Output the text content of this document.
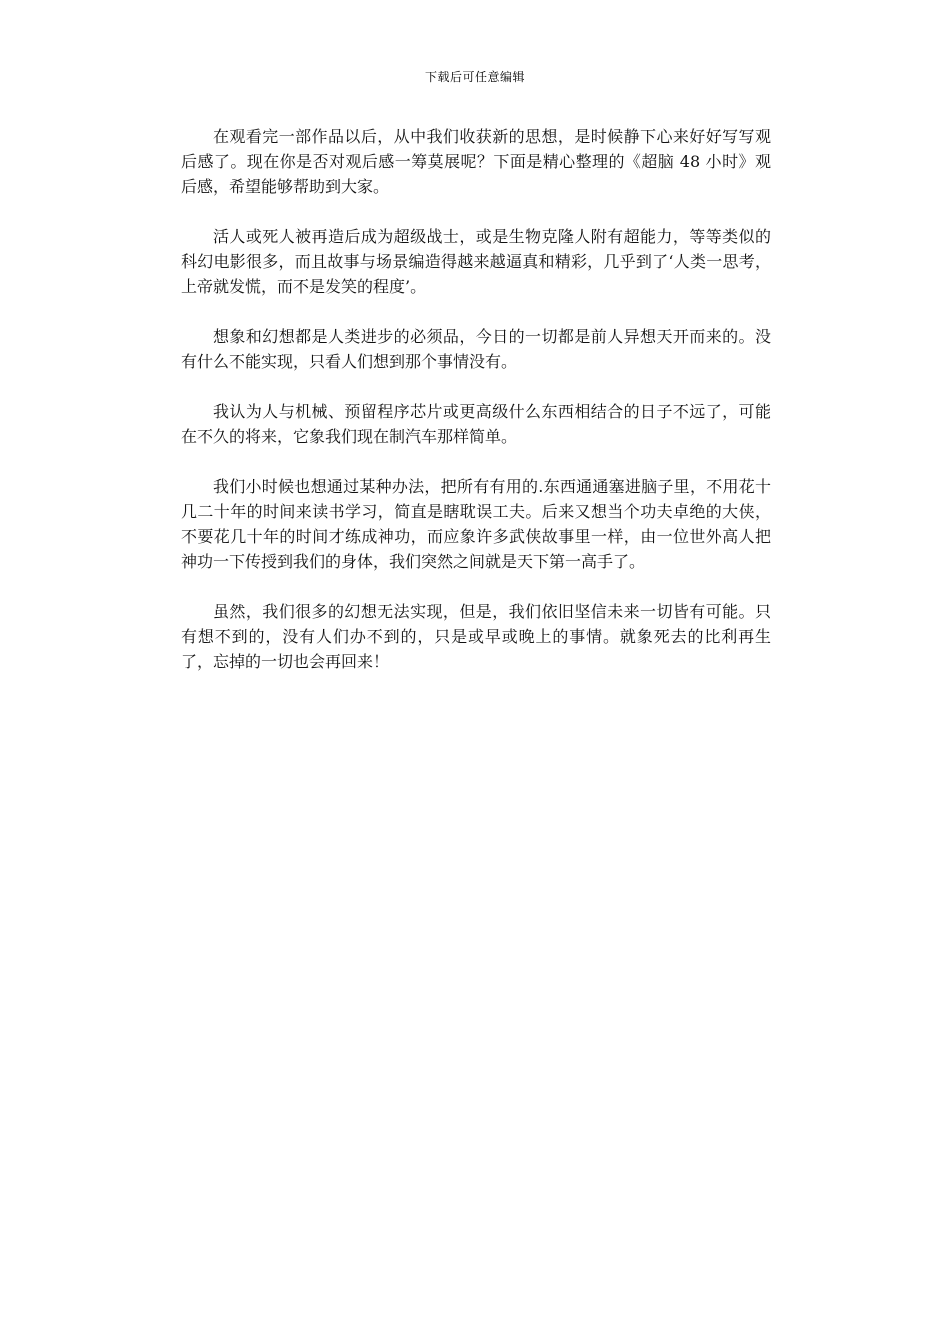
下载后可任意编辑

在观看完一部作品以后，从中我们收获新的思想，是时候静下心来好好写写观后感了。现在你是否对观后感一筹莫展呢？下面是精心整理的《超脑 48 小时》观后感，希望能够帮助到大家。

活人或死人被再造后成为超级战士，或是生物克隆人附有超能力，等等类似的科幻电影很多，而且故事与场景编造得越来越逼真和精彩，几乎到了‘人类一思考，上帝就发慌，而不是发笑的程度’。

想象和幻想都是人类进步的必须品，今日的一切都是前人异想天开而来的。没有什么不能实现，只看人们想到那个事情没有。

我认为人与机械、预留程序芯片或更高级什么东西相结合的日子不远了，可能在不久的将来，它象我们现在制汽车那样简单。

我们小时候也想通过某种办法，把所有有用的.东西通通塞进脑子里，不用花十几二十年的时间来读书学习，简直是瞎耽误工夫。后来又想当个功夫卓绝的大侠，不要花几十年的时间才练成神功，而应象许多武侠故事里一样，由一位世外高人把神功一下传授到我们的身体，我们突然之间就是天下第一高手了。

虽然，我们很多的幻想无法实现，但是，我们依旧坚信未来一切皆有可能。只有想不到的，没有人们办不到的，只是或早或晚上的事情。就象死去的比利再生了，忘掉的一切也会再回来！
